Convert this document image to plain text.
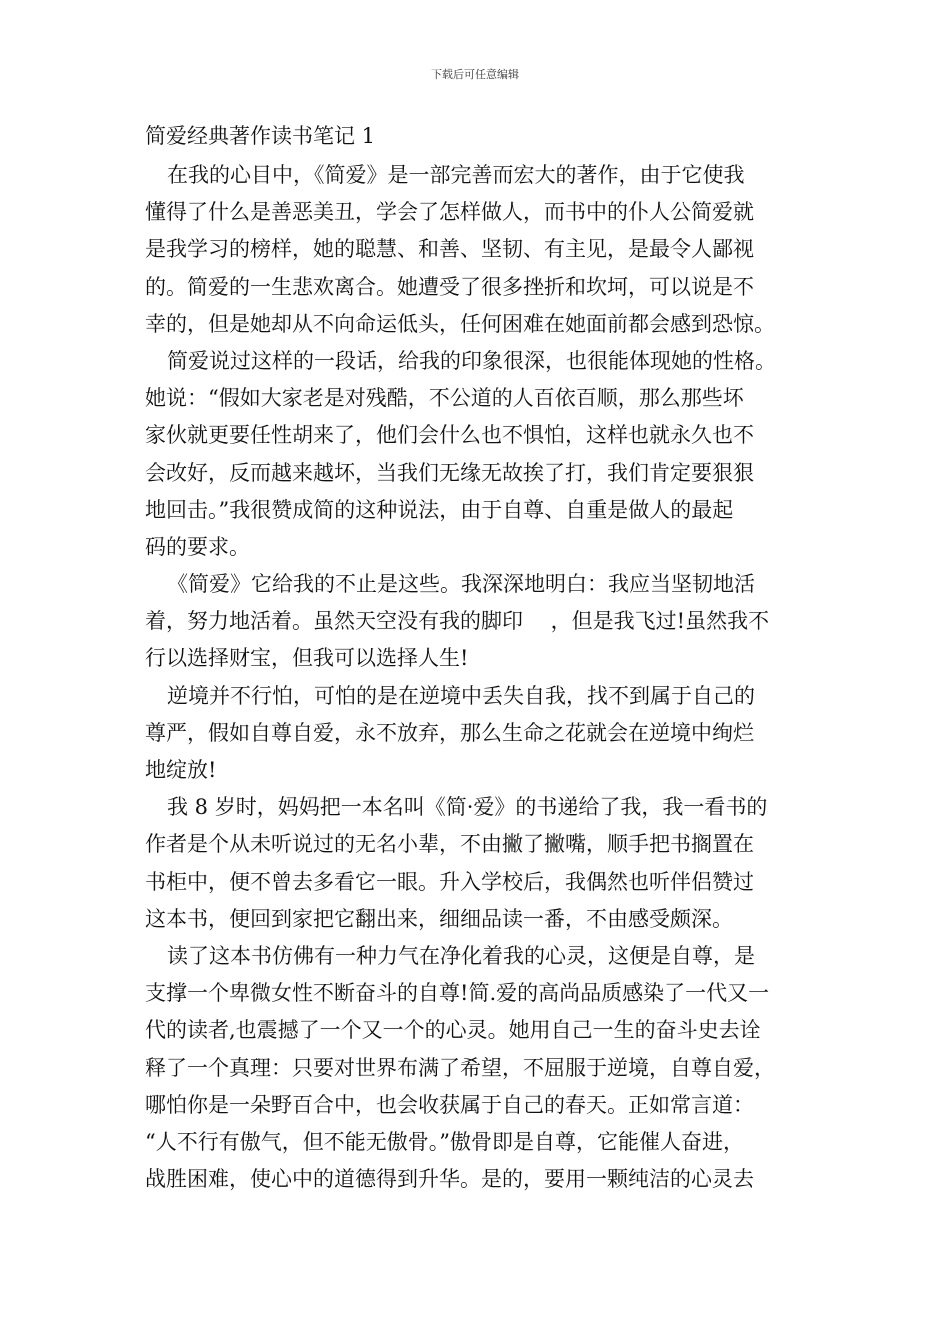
下载后可任意编辑
简爱经典著作读书笔记 1
在我的心目中，《简爱》是一部完善而宏大的著作，由于它使我
懂得了什么是善恶美丑，学会了怎样做人，而书中的仆人公简爱就
是我学习的榜样，她的聪慧、和善、坚韧、有主见，是最令人鄙视
的。简爱的一生悲欢离合。她遭受了很多挫折和坎坷，可以说是不
幸的，但是她却从不向命运低头，任何困难在她面前都会感到恐惊。
简爱说过这样的一段话，给我的印象很深，也很能体现她的性格。
她说：“假如大家老是对残酷，不公道的人百依百顺，那么那些坏
家伙就更要任性胡来了，他们会什么也不惧怕，这样也就永久也不
会改好，反而越来越坏，当我们无缘无故挨了打，我们肯定要狠狠
地回击。”我很赞成简的这种说法，由于自尊、自重是做人的最起
码的要求。
《简爱》它给我的不止是这些。我深深地明白：我应当坚韧地活
着，努力地活着。虽然天空没有我的脚印　 ，但是我飞过!虽然我不
行以选择财宝，但我可以选择人生!
逆境并不行怕，可怕的是在逆境中丢失自我，找不到属于自己的
尊严，假如自尊自爱，永不放弃，那么生命之花就会在逆境中绚烂
地绽放!
我 8 岁时，妈妈把一本名叫《简·爱》的书递给了我，我一看书的
作者是个从未听说过的无名小辈，不由撇了撇嘴，顺手把书搁置在
书柜中，便不曾去多看它一眼。升入学校后，我偶然也听伴侣赞过
这本书，便回到家把它翻出来，细细品读一番，不由感受颇深。
读了这本书仿佛有一种力气在净化着我的心灵，这便是自尊，是
支撑一个卑微女性不断奋斗的自尊!简.爱的高尚品质感染了一代又一
代的读者,也震撼了一个又一个的心灵。她用自己一生的奋斗史去诠
释了一个真理：只要对世界布满了希望，不屈服于逆境，自尊自爱，
哪怕你是一朵野百合中，也会收获属于自己的春天。正如常言道：
“人不行有傲气，但不能无傲骨。”傲骨即是自尊，它能催人奋进，
战胜困难，使心中的道德得到升华。是的，要用一颗纯洁的心灵去
